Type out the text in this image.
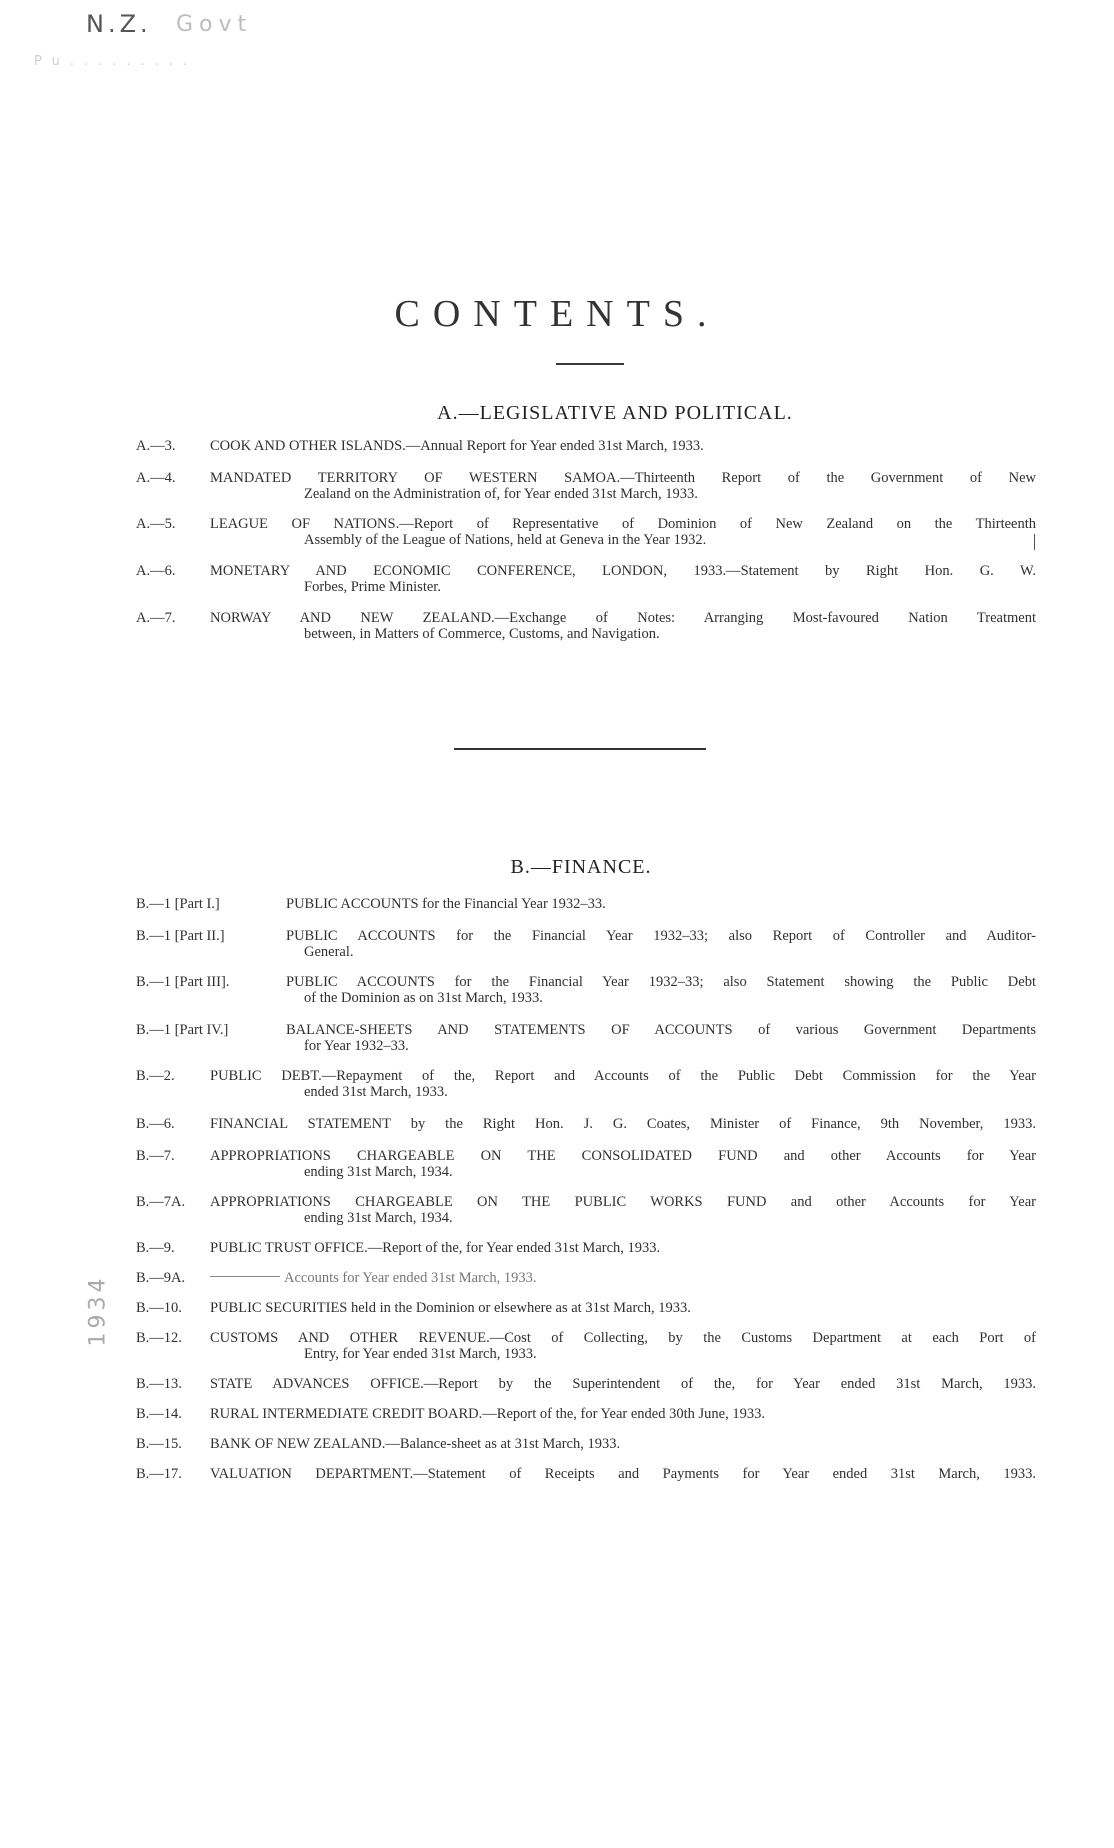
N.Z. Govt
Pu.........
CONTENTS.
A.—LEGISLATIVE AND POLITICAL.
A.—3. COOK AND OTHER ISLANDS.—Annual Report for Year ended 31st March, 1933.
A.—4. MANDATED TERRITORY OF WESTERN SAMOA.—Thirteenth Report of the Government of New
Zealand on the Administration of, for Year ended 31st March, 1933.
A.—5. LEAGUE OF NATIONS.—Report of Representative of Dominion of New Zealand on the Thirteenth
Assembly of the League of Nations, held at Geneva in the Year 1932.
A.—6. MONETARY AND ECONOMIC CONFERENCE, LONDON, 1933.—Statement by Right Hon. G. W.
Forbes, Prime Minister.
A.—7. NORWAY AND NEW ZEALAND.—Exchange of Notes: Arranging Most-favoured Nation Treatment
between, in Matters of Commerce, Customs, and Navigation.
B.—FINANCE.
B.—1 [Part I.]	PUBLIC ACCOUNTS for the Financial Year 1932–33.
B.—1 [Part II.]	PUBLIC ACCOUNTS for the Financial Year 1932–33; also Report of Controller and Auditor-
General.
B.—1 [Part III].	PUBLIC ACCOUNTS for the Financial Year 1932–33; also Statement showing the Public Debt
of the Dominion as on 31st March, 1933.
B.—1 [Part IV.]	BALANCE-SHEETS AND STATEMENTS OF ACCOUNTS of various Government Departments
for Year 1932–33.
B.—2. PUBLIC DEBT.—Repayment of the, Report and Accounts of the Public Debt Commission for the Year
ended 31st March, 1933.
B.—6. FINANCIAL STATEMENT by the Right Hon. J. G. Coates, Minister of Finance, 9th November, 1933.
B.—7. APPROPRIATIONS CHARGEABLE ON THE CONSOLIDATED FUND and other Accounts for Year
ending 31st March, 1934.
B.—7A. APPROPRIATIONS CHARGEABLE ON THE PUBLIC WORKS FUND and other Accounts for Year
ending 31st March, 1934.
B.—9. PUBLIC TRUST OFFICE.—Report of the, for Year ended 31st March, 1933.
B.—9A.	Accounts for Year ended 31st March, 1933.
B.—10. PUBLIC SECURITIES held in the Dominion or elsewhere as at 31st March, 1933.
B.—12. CUSTOMS AND OTHER REVENUE.—Cost of Collecting, by the Customs Department at each Port of
Entry, for Year ended 31st March, 1933.
B.—13. STATE ADVANCES OFFICE.—Report by the Superintendent of the, for Year ended 31st March, 1933.
B.—14. RURAL INTERMEDIATE CREDIT BOARD.—Report of the, for Year ended 30th June, 1933.
B.—15. BANK OF NEW ZEALAND.—Balance-sheet as at 31st March, 1933.
B.—17. VALUATION DEPARTMENT.—Statement of Receipts and Payments for Year ended 31st March, 1933.
1934
